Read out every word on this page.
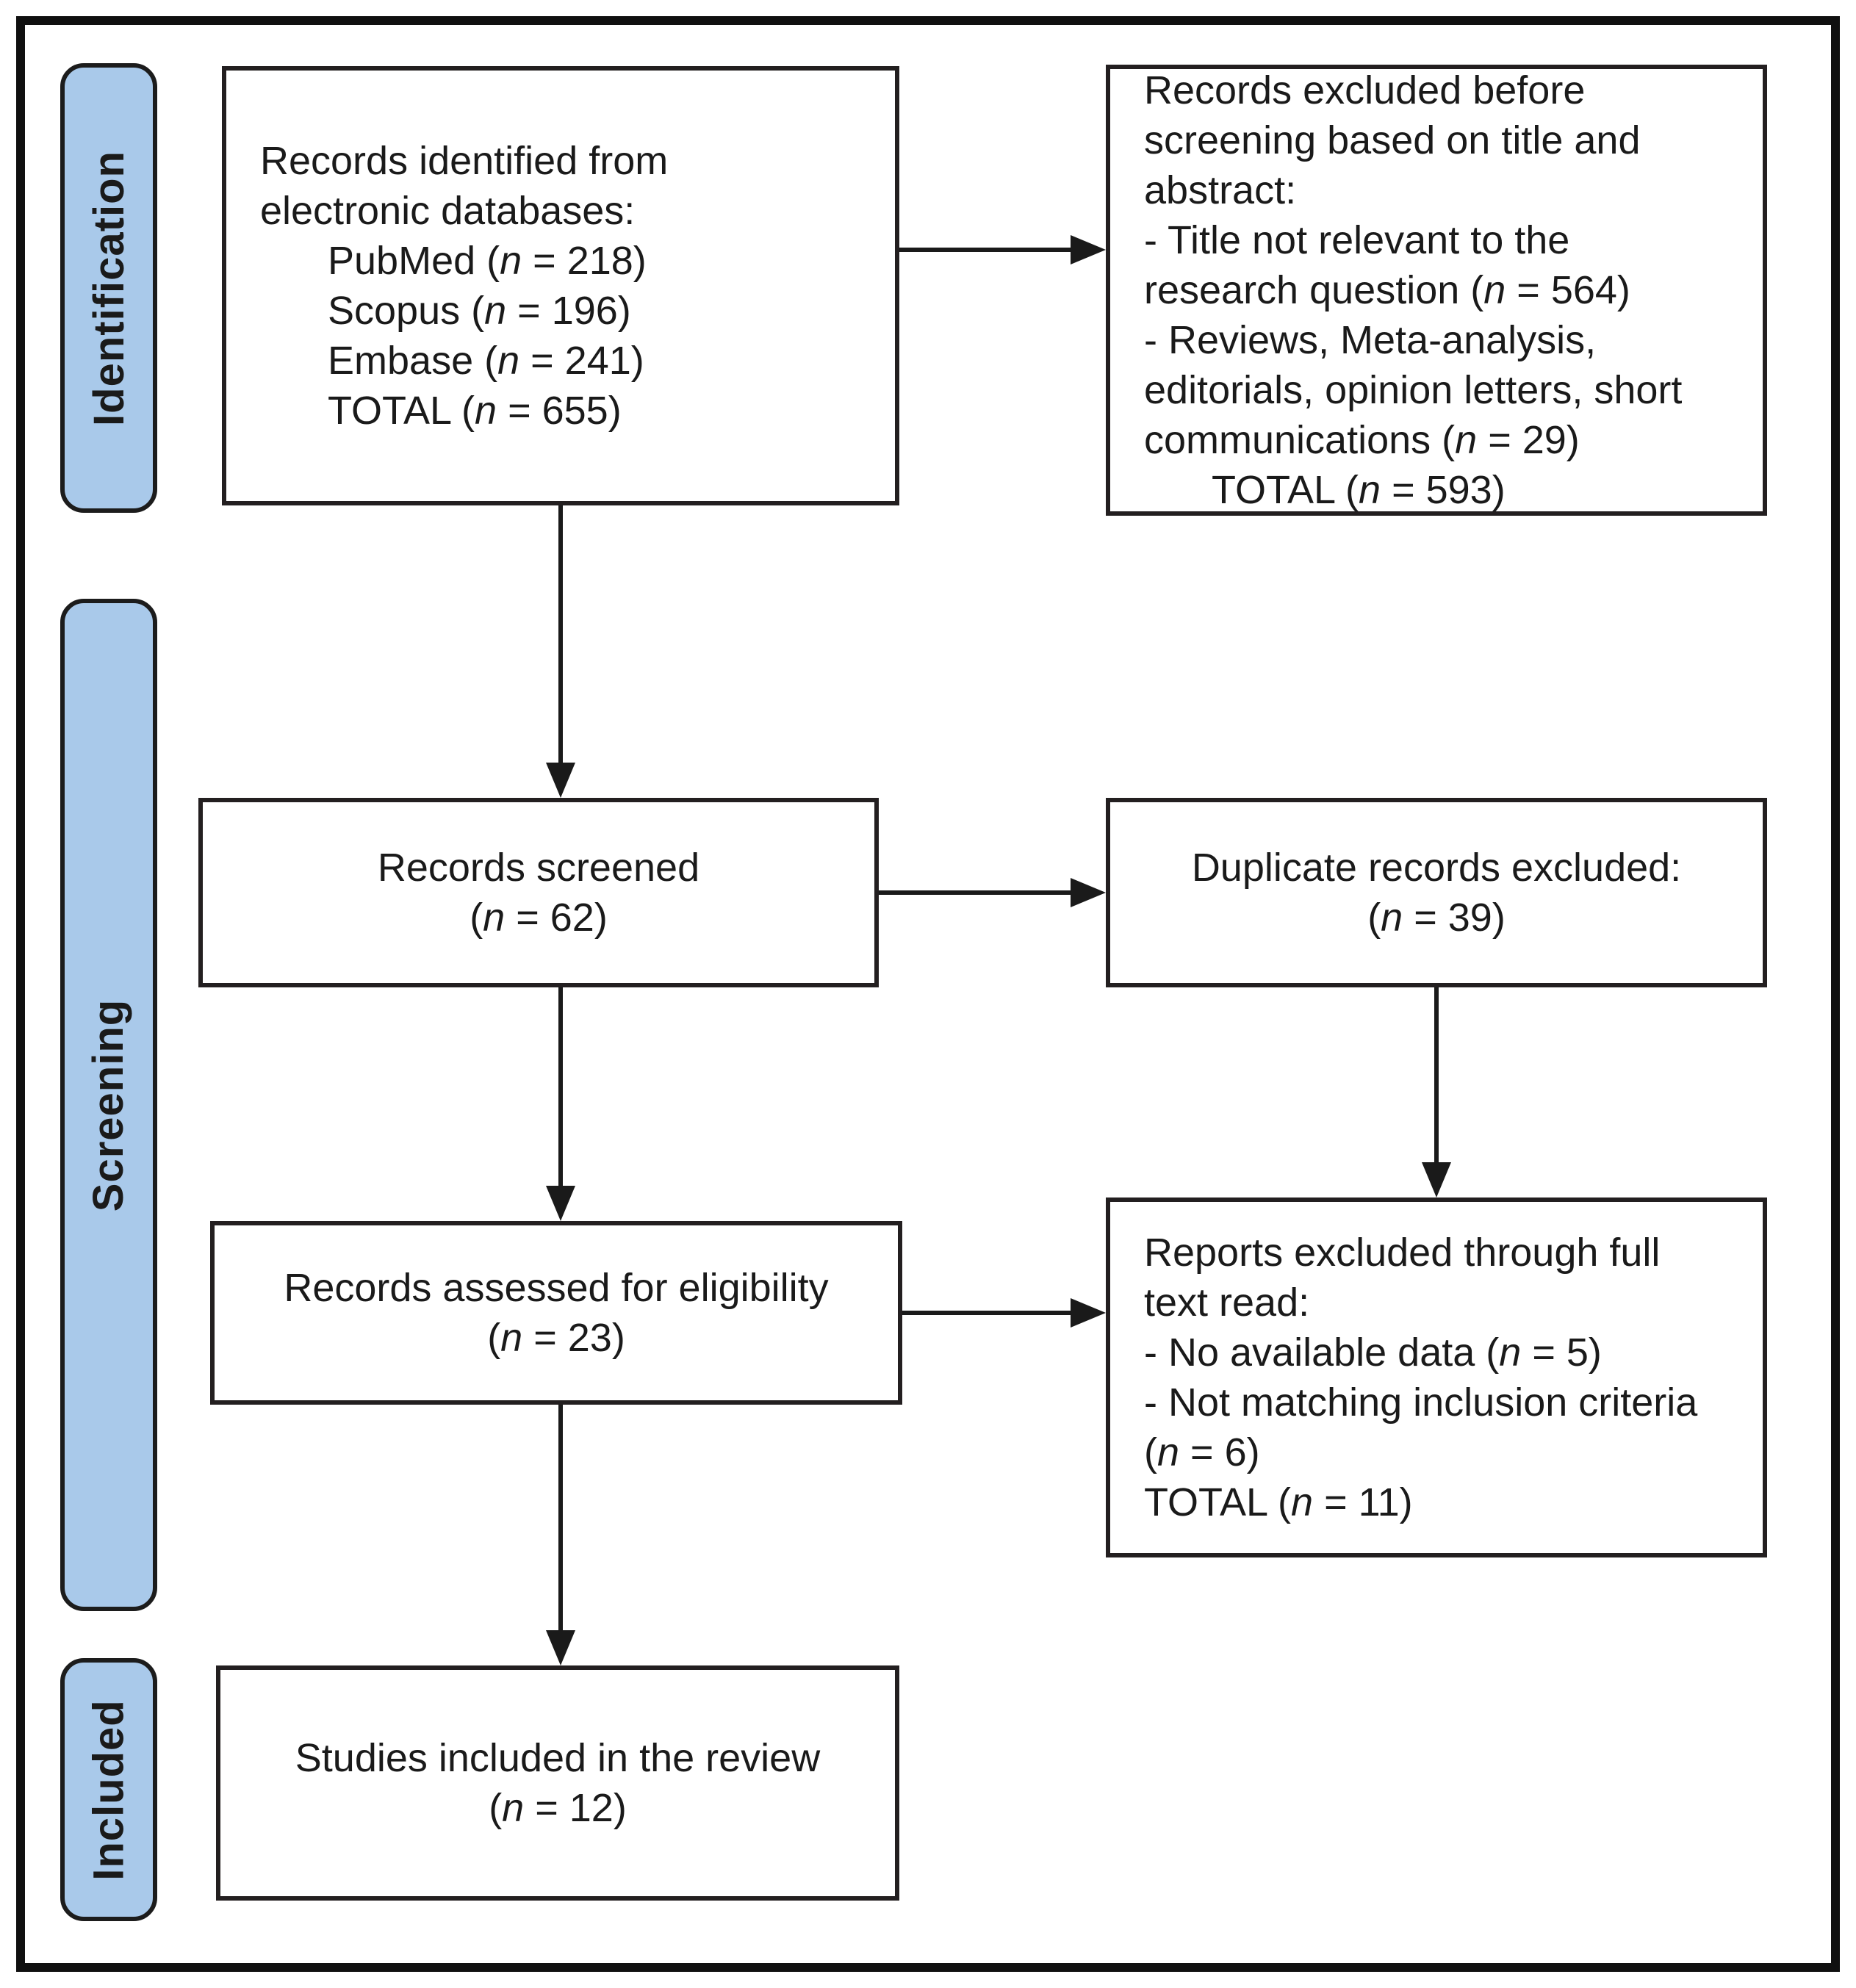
Identification
Screening
Included
Records identified from
electronic databases:
PubMed (n = 218)
Scopus (n = 196)
Embase (n = 241)
TOTAL (n = 655)
Records excluded before
screening based on title and
abstract:
- Title not relevant to the
research question (n = 564)
- Reviews, Meta-analysis,
editorials, opinion letters, short
communications (n = 29)
TOTAL (n = 593)
Records screened
(n = 62)
Duplicate records excluded:
(n = 39)
Records assessed for eligibility
(n = 23)
Reports excluded through full
text read:
- No available data (n = 5)
- Not matching inclusion criteria
(n = 6)
TOTAL (n = 11)
Studies included in the review
(n = 12)
